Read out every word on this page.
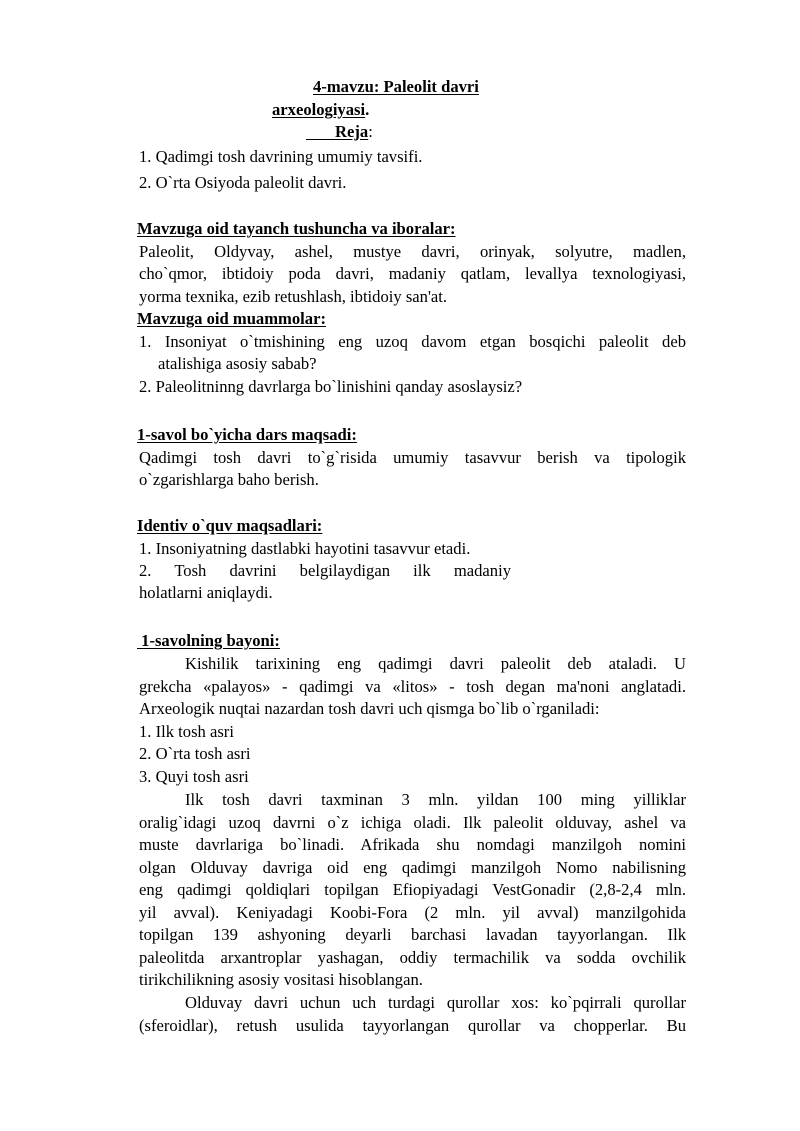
4-mavzu: Paleolit davri
arxeologiyasi.
Reja:
1. Qadimgi tosh davrining umumiy tavsifi.
2. O`rta Osiyoda paleolit davri.
Mavzuga oid tayanch tushuncha va iboralar:
Paleolit, Oldyvay, ashel, mustye davri, orinyak, solyutre, madlen,
cho`qmor, ibtidoiy poda davri, madaniy qatlam, levallya texnologiyasi,
yorma texnika, ezib retushlash, ibtidoiy san'at.
Mavzuga oid muammolar:
1. Insoniyat o`tmishining eng uzoq davom etgan bosqichi paleolit deb
atalishiga asosiy sabab?
2. Paleolitninng davrlarga bo`linishini qanday asoslaysiz?
1-savol bo`yicha dars maqsadi:
Qadimgi tosh davri to`g`risida umumiy tasavvur berish va tipologik
o`zgarishlarga baho berish.
Identiv o`quv maqsadlari:
1. Insoniyatning dastlabki hayotini tasavvur etadi.
2. Tosh davrini belgilaydigan ilk madaniy
holatlarni aniqlaydi.
1-savolning bayoni:
Kishilik tarixining eng qadimgi davri paleolit deb ataladi. U
grekcha «palayos» - qadimgi va «litos» - tosh degan ma'noni anglatadi.
Arxeologik nuqtai nazardan tosh davri uch qismga bo`lib o`rganiladi:
1. Ilk tosh asri
2. O`rta tosh asri
3. Quyi tosh asri
Ilk tosh davri taxminan 3 mln. yildan 100 ming yilliklar
oralig`idagi uzoq davrni o`z ichiga oladi. Ilk paleolit olduvay, ashel va
muste davrlariga bo`linadi. Afrikada shu nomdagi manzilgoh nomini
olgan Olduvay davriga oid eng qadimgi manzilgoh Nomo nabilisning
eng qadimgi qoldiqlari topilgan Efiopiyadagi VestGonadir (2,8-2,4 mln.
yil avval). Keniyadagi Koobi-Fora (2 mln. yil avval) manzilgohida
topilgan 139 ashyoning deyarli barchasi lavadan tayyorlangan. Ilk
paleolitda arxantroplar yashagan, oddiy termachilik va sodda ovchilik
tirikchilikning asosiy vositasi hisoblangan.
Olduvay davri uchun uch turdagi qurollar xos: ko`pqirrali qurollar
(sferoidlar), retush usulida tayyorlangan qurollar va chopperlar. Bu
